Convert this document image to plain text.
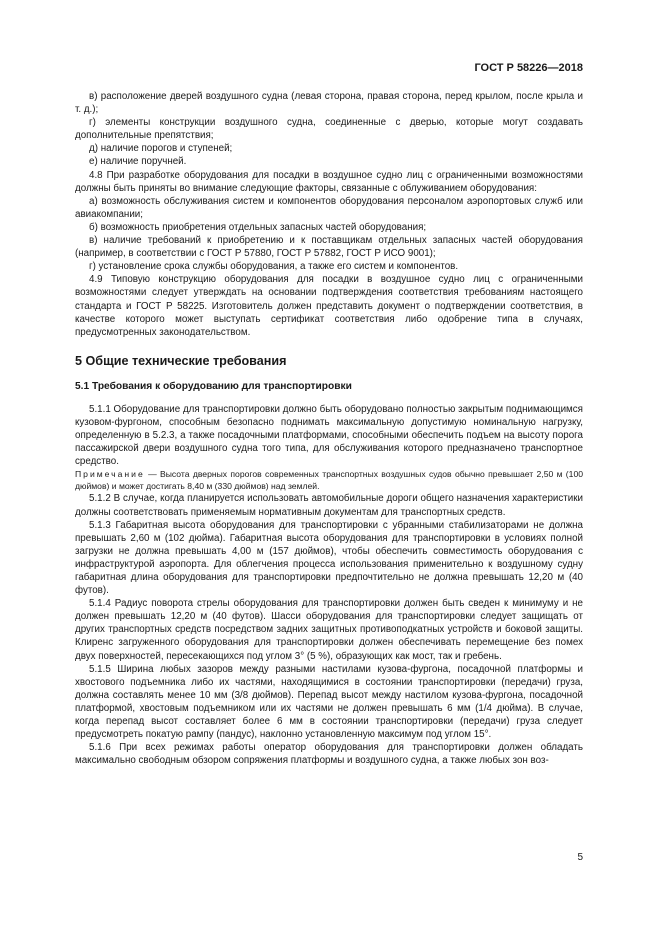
ГОСТ Р 58226—2018

в) расположение дверей воздушного судна (левая сторона, правая сторона, перед крылом, после крыла и т. д.);

г) элементы конструкции воздушного судна, соединенные с дверью, которые могут создавать дополнительные препятствия;

д) наличие порогов и ступеней;

е) наличие поручней.

4.8 При разработке оборудования для посадки в воздушное судно лиц с ограниченными возможностями должны быть приняты во внимание следующие факторы, связанные с облуживанием оборудования:

а) возможность обслуживания систем и компонентов оборудования персоналом аэропортовых служб или авиакомпании;

б) возможность приобретения отдельных запасных частей оборудования;

в) наличие требований к приобретению и к поставщикам отдельных запасных частей оборудования (например, в соответствии с ГОСТ Р 57880, ГОСТ Р 57882, ГОСТ Р ИСО 9001);

г) установление срока службы оборудования, а также его систем и компонентов.

4.9 Типовую конструкцию оборудования для посадки в воздушное судно лиц с ограниченными возможностями следует утверждать на основании подтверждения соответствия требованиям настоящего стандарта и ГОСТ Р 58225. Изготовитель должен представить документ о подтверждении соответствия, в качестве которого может выступать сертификат соответствия либо одобрение типа в случаях, предусмотренных законодательством.

5 Общие технические требования
5.1 Требования к оборудованию для транспортировки

5.1.1 Оборудование для транспортировки должно быть оборудовано полностью закрытым поднимающимся кузовом-фургоном, способным безопасно поднимать максимальную допустимую номинальную нагрузку, определенную в 5.2.3, а также посадочными платформами, способными обеспечить подъем на высоту порога пассажирской двери воздушного судна того типа, для обслуживания которого предназначено транспортное средство.

Примечание — Высота дверных порогов современных транспортных воздушных судов обычно превышает 2,50 м (100 дюймов) и может достигать 8,40 м (330 дюймов) над землей.

5.1.2 В случае, когда планируется использовать автомобильные дороги общего назначения характеристики должны соответствовать применяемым нормативным документам для транспортных средств.

5.1.3 Габаритная высота оборудования для транспортировки с убранными стабилизаторами не должна превышать 2,60 м (102 дюйма). Габаритная высота оборудования для транспортировки в условиях полной загрузки не должна превышать 4,00 м (157 дюймов), чтобы обеспечить совместимость оборудования с инфраструктурой аэропорта. Для облегчения процесса использования применительно к воздушному судну габаритная длина оборудования для транспортировки предпочтительно не должна превышать 12,20 м (40 футов).

5.1.4 Радиус поворота стрелы оборудования для транспортировки должен быть сведен к минимуму и не должен превышать 12,20 м (40 футов). Шасси оборудования для транспортировки следует защищать от других транспортных средств посредством задних защитных противоподкатных устройств и боковой защиты. Клиренс загруженного оборудования для транспортировки должен обеспечивать перемещение без помех двух поверхностей, пересекающихся под углом 3° (5 %), образующих как мост, так и гребень.

5.1.5 Ширина любых зазоров между разными настилами кузова-фургона, посадочной платформы и хвостового подъемника либо их частями, находящимися в состоянии транспортировки (передачи) груза, должна составлять менее 10 мм (3/8 дюймов). Перепад высот между настилом кузова-фургона, посадочной платформой, хвостовым подъемником или их частями не должен превышать 6 мм (1/4 дюйма). В случае, когда перепад высот составляет более 6 мм в состоянии транспортировки (передачи) груза следует предусмотреть покатую рампу (пандус), наклонно установленную максимум под углом 15°.

5.1.6 При всех режимах работы оператор оборудования для транспортировки должен обладать максимально свободным обзором сопряжения платформы и воздушного судна, а также любых зон воз-

5
